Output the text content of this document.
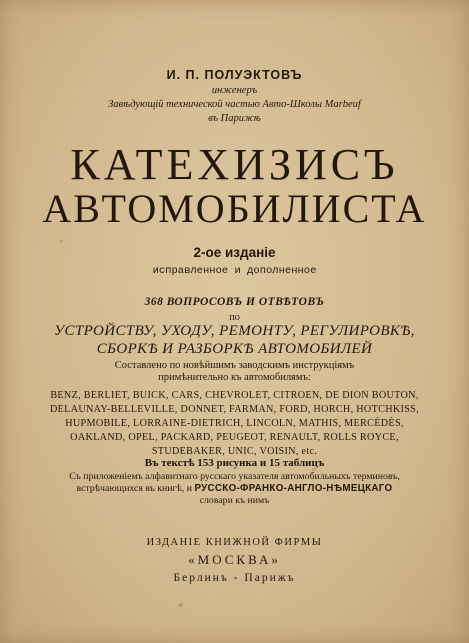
И. П. ПОЛУЭКТОВЪ
инженеръ
Завѣдующій технической частью Авто-Школы Marbeuf
въ Парижѣ
КАТЕХИЗИСЪ
АВТОМОБИЛИСТА
2-ое изданіе
исправленное и дополненное
368 ВОПРОСОВЪ И ОТВѢТОВЪ
по
УСТРОЙСТВУ, УХОДУ, РЕМОНТУ, РЕГУЛИРОВКѢ,
СБОРКѢ И РАЗБОРКѢ АВТОМОБИЛЕЙ
Составлено по новѣйшимъ заводскимъ инструкціямъ
примѣнительно къ автомобилямъ:
BENZ, BERLIET, BUICK, CARS, CHEVROLET, CITROEN, DE DION BOUTON,
DELAUNAY-BELLEVILLE, DONNET, FARMAN, FORD, HORCH, HOTCHKISS,
HUPMOBILE, LORRAINE-DIETRICH, LINCOLN, MATHIS, MERCÉDÈS,
OAKLAND, OPEL, PACKARD, PEUGEOT, RENAULT, ROLLS ROYCE,
STUDEBAKER, UNIC, VOISIN, etc.
Въ текстѣ 153 рисунка и 15 таблицъ
Съ приложеніемъ алфавитнаго русскаго указателя автомобильныхъ терминовъ,
встрѣчающихся въ книгѣ, и РУССКО-ФРАНКО-АНГЛО-НѢМЕЦКАГО
словари къ нимъ
ИЗДАНІЕ КНИЖНОЙ ФИРМЫ
«МОСКВА»
Берлинъ - Парижъ
